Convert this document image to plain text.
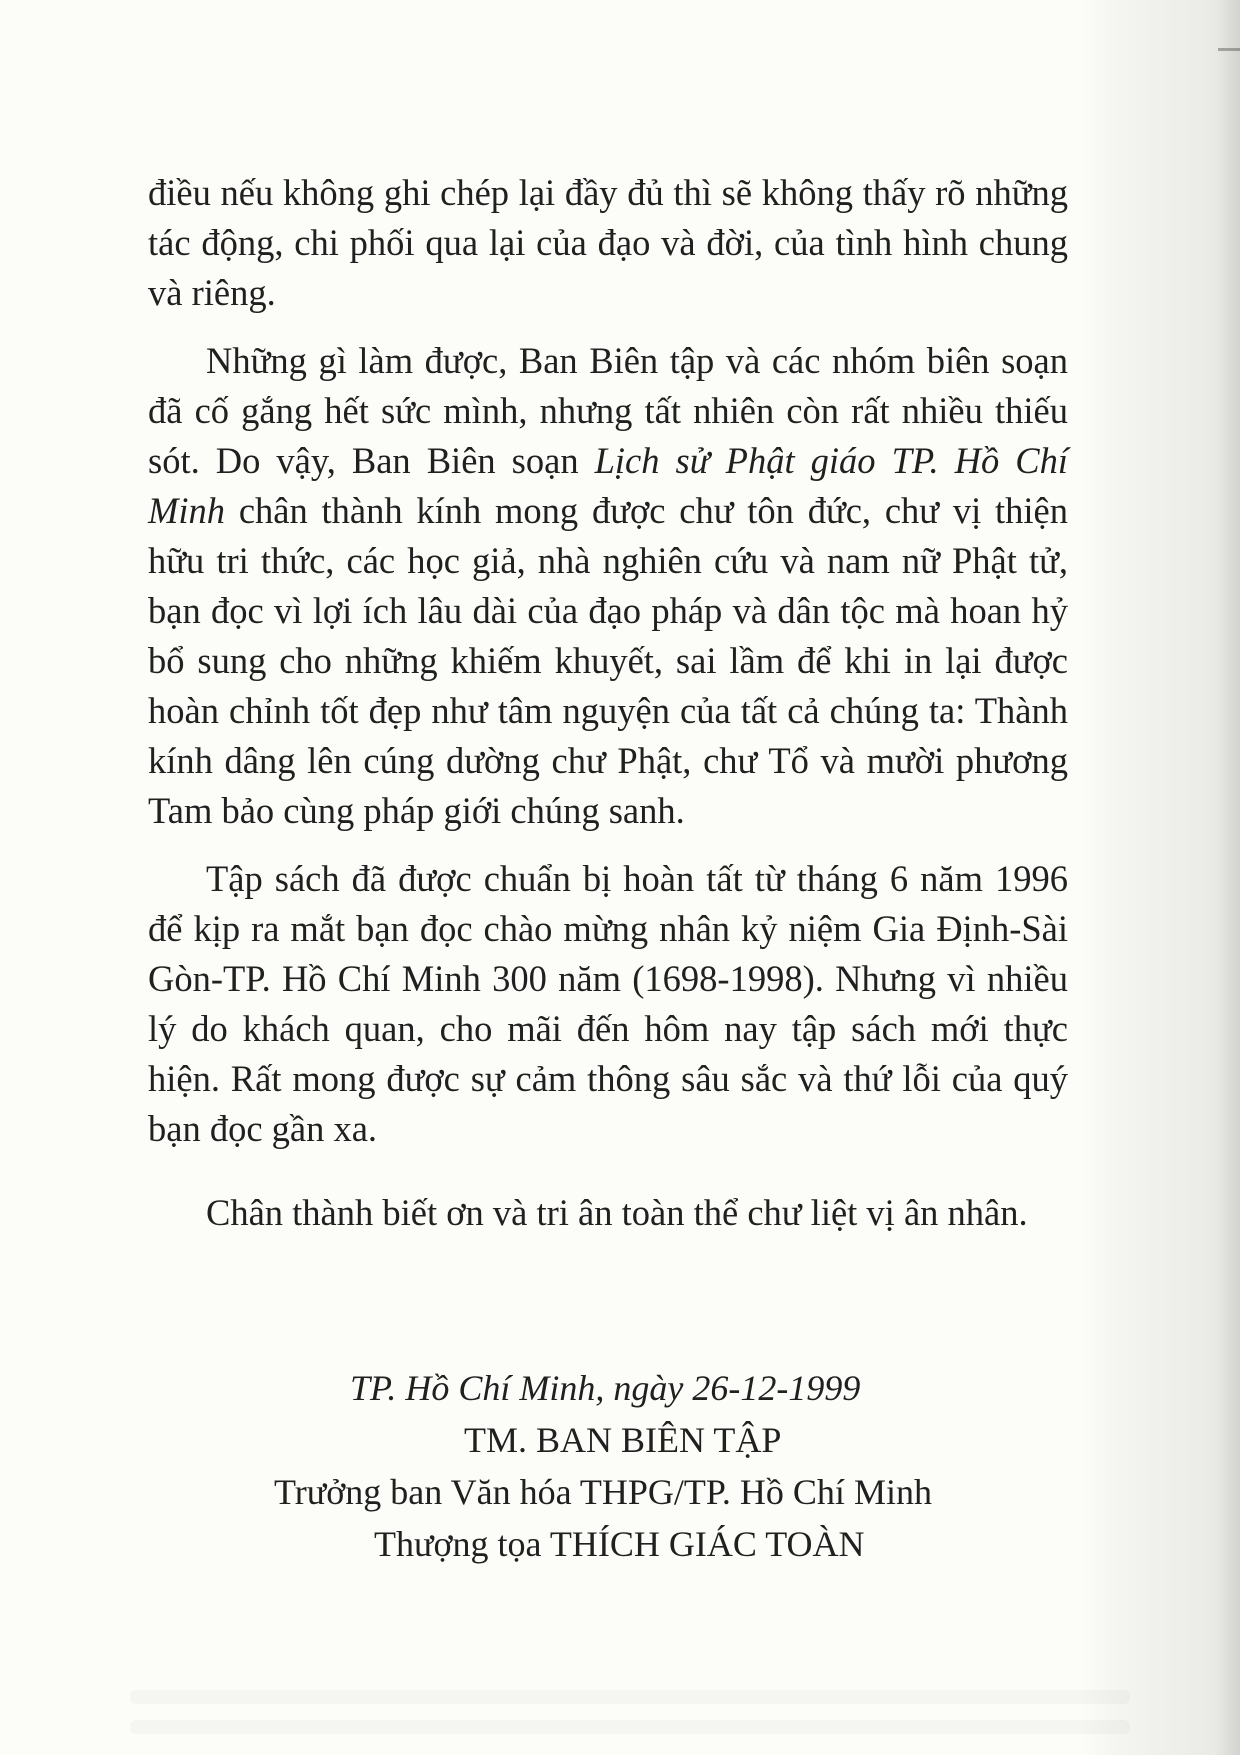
điều nếu không ghi chép lại đầy đủ thì sẽ không thấy rõ những tác động, chi phối qua lại của đạo và đời, của tình hình chung và riêng.

Những gì làm được, Ban Biên tập và các nhóm biên soạn đã cố gắng hết sức mình, nhưng tất nhiên còn rất nhiều thiếu sót. Do vậy, Ban Biên soạn Lịch sử Phật giáo TP. Hồ Chí Minh chân thành kính mong được chư tôn đức, chư vị thiện hữu tri thức, các học giả, nhà nghiên cứu và nam nữ Phật tử, bạn đọc vì lợi ích lâu dài của đạo pháp và dân tộc mà hoan hỷ bổ sung cho những khiếm khuyết, sai lầm để khi in lại được hoàn chỉnh tốt đẹp như tâm nguyện của tất cả chúng ta: Thành kính dâng lên cúng dường chư Phật, chư Tổ và mười phương Tam bảo cùng pháp giới chúng sanh.

Tập sách đã được chuẩn bị hoàn tất từ tháng 6 năm 1996 để kịp ra mắt bạn đọc chào mừng nhân kỷ niệm Gia Định-Sài Gòn-TP. Hồ Chí Minh 300 năm (1698-1998). Nhưng vì nhiều lý do khách quan, cho mãi đến hôm nay tập sách mới thực hiện. Rất mong được sự cảm thông sâu sắc và thứ lỗi của quý bạn đọc gần xa.

Chân thành biết ơn và tri ân toàn thể chư liệt vị ân nhân.

TP. Hồ Chí Minh, ngày 26-12-1999
TM. BAN BIÊN TẬP
Trưởng ban Văn hóa THPG/TP. Hồ Chí Minh
Thượng tọa THÍCH GIÁC TOÀN
